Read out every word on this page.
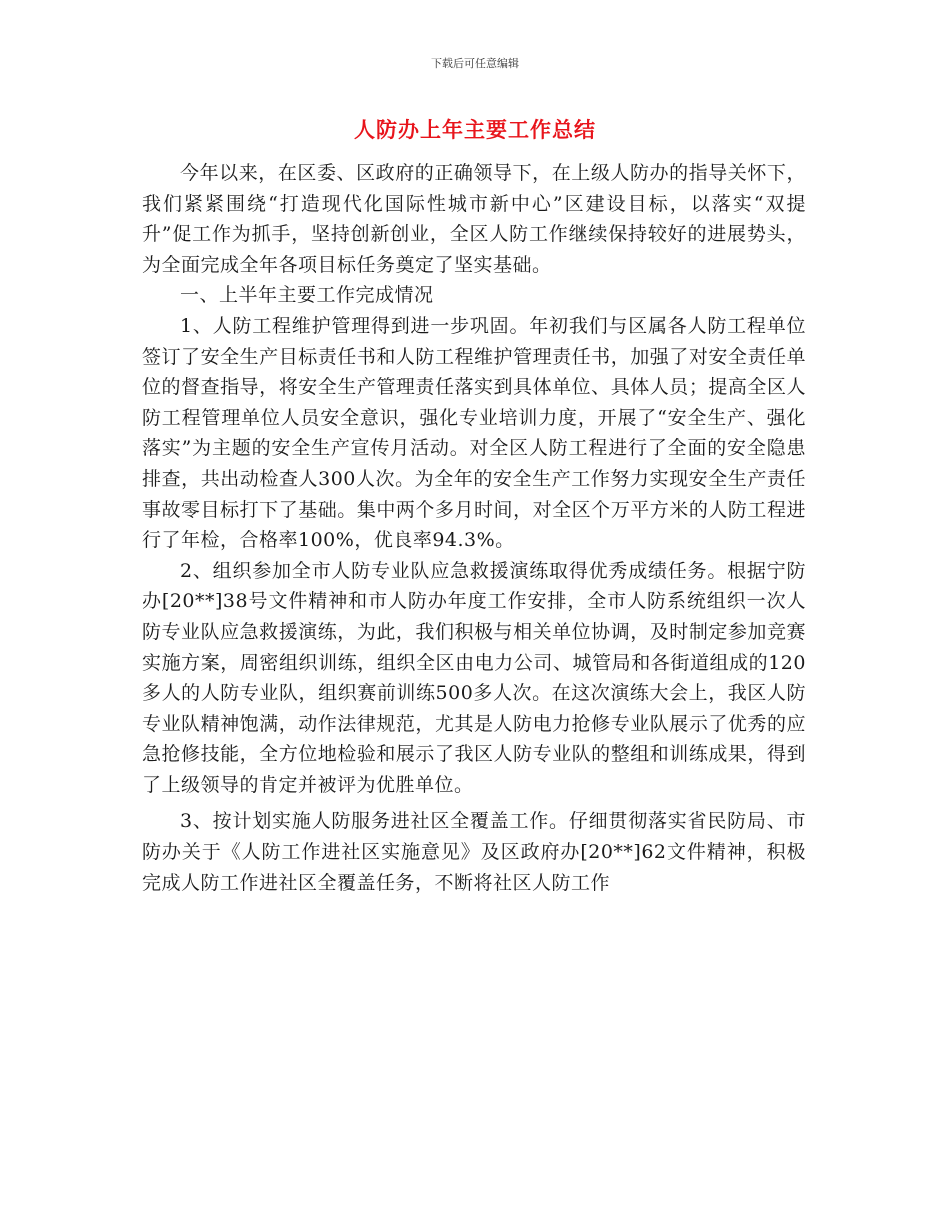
下载后可任意编辑
人防办上年主要工作总结

今年以来，在区委、区政府的正确领导下，在上级人防办的指导关怀下，我们紧紧围绕“打造现代化国际性城市新中心”区建设目标，以落实“双提升”促工作为抓手，坚持创新创业，全区人防工作继续保持较好的进展势头，为全面完成全年各项目标任务奠定了坚实基础。

一、上半年主要工作完成情况

1、人防工程维护管理得到进一步巩固。年初我们与区属各人防工程单位签订了安全生产目标责任书和人防工程维护管理责任书，加强了对安全责任单位的督查指导，将安全生产管理责任落实到具体单位、具体人员；提高全区人防工程管理单位人员安全意识，强化专业培训力度，开展了“安全生产、强化落实”为主题的安全生产宣传月活动。对全区人防工程进行了全面的安全隐患排查，共出动检查人300人次。为全年的安全生产工作努力实现安全生产责任事故零目标打下了基础。集中两个多月时间，对全区个万平方米的人防工程进行了年检，合格率100%，优良率94.3%。

2、组织参加全市人防专业队应急救援演练取得优秀成绩任务。根据宁防办[20**]38号文件精神和市人防办年度工作安排，全市人防系统组织一次人防专业队应急救援演练，为此，我们积极与相关单位协调，及时制定参加竞赛实施方案，周密组织训练，组织全区由电力公司、城管局和各街道组成的120多人的人防专业队，组织赛前训练500多人次。在这次演练大会上，我区人防专业队精神饱满，动作法律规范，尤其是人防电力抢修专业队展示了优秀的应急抢修技能，全方位地检验和展示了我区人防专业队的整组和训练成果，得到了上级领导的肯定并被评为优胜单位。

3、按计划实施人防服务进社区全覆盖工作。仔细贯彻落实省民防局、市防办关于《人防工作进社区实施意见》及区政府办[20**]62文件精神，积极完成人防工作进社区全覆盖任务，不断将社区人防工作
